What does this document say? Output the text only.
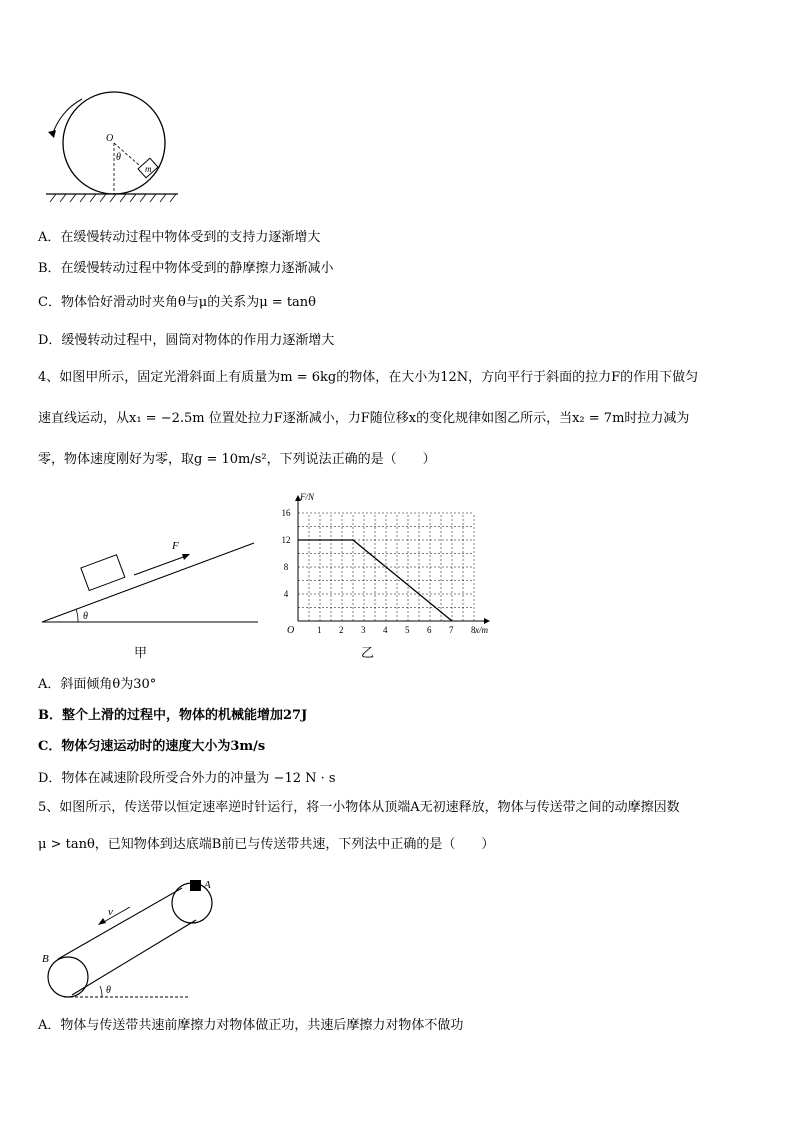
O
θ
m
A．在缓慢转动过程中物体受到的支持力逐渐增大
B．在缓慢转动过程中物体受到的静摩擦力逐渐减小
C．物体恰好滑动时夹角θ与μ的关系为μ = tanθ
D．缓慢转动过程中，圆筒对物体的作用力逐渐增大
4、如图甲所示，固定光滑斜面上有质量为m = 6kg的物体，在大小为12N，方向平行于斜面的拉力F的作用下做匀
速直线运动，从x₁ = −2.5m 位置处拉力F逐渐减小，力F随位移x的变化规律如图乙所示，当x₂ = 7m时拉力减为
零，物体速度刚好为零，取g = 10m/s²，下列说法正确的是（　　）
F
θ
甲
1 2 3 4 5 6 7 8
4
8
12
16
F/N
x/m
O
乙
A．斜面倾角θ为30°
B．整个上滑的过程中，物体的机械能增加27J
C．物体匀速运动时的速度大小为3m/s
D．物体在减速阶段所受合外力的冲量为 −12 N · s
5、如图所示，传送带以恒定速率逆时针运行，将一小物体从顶端A无初速释放，物体与传送带之间的动摩擦因数
μ > tanθ，已知物体到达底端B前已与传送带共速，下列法中正确的是（　　）
A
B
v
θ
A．物体与传送带共速前摩擦力对物体做正功，共速后摩擦力对物体不做功
